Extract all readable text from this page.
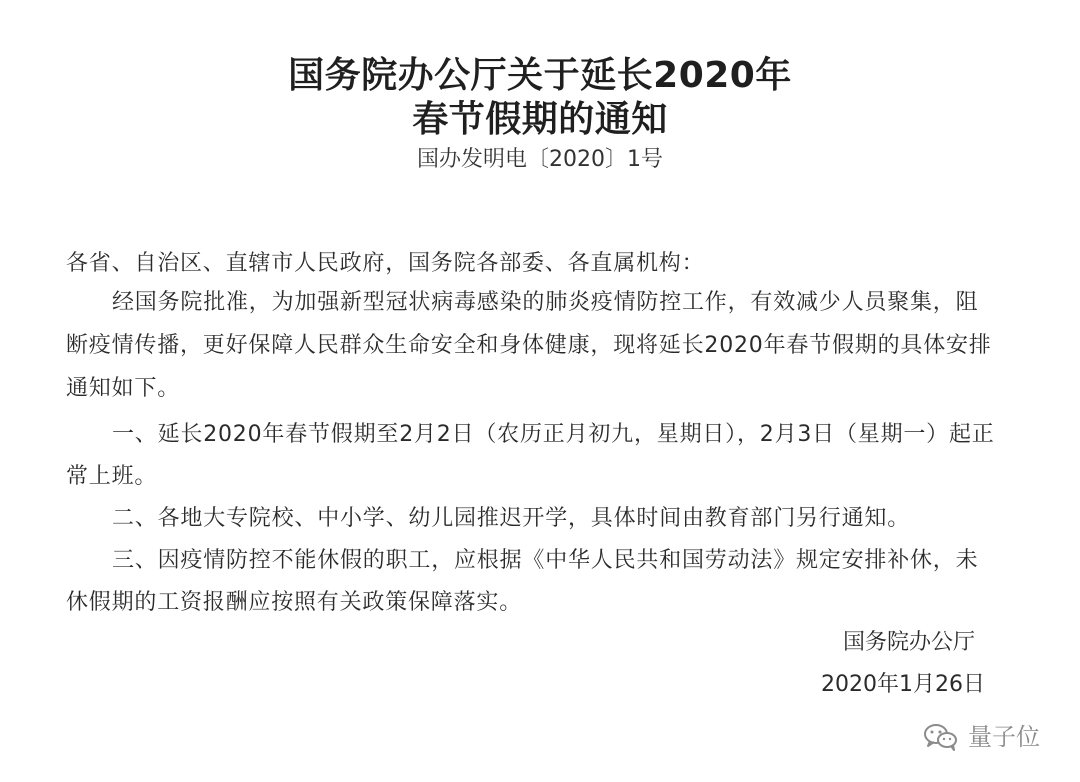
国务院办公厅关于延长2020年
春节假期的通知
国办发明电〔2020〕1号
各省、自治区、直辖市人民政府，国务院各部委、各直属机构：
经国务院批准，为加强新型冠状病毒感染的肺炎疫情防控工作，有效减少人员聚集，阻
断疫情传播，更好保障人民群众生命安全和身体健康，现将延长2020年春节假期的具体安排
通知如下。
一、延长2020年春节假期至2月2日（农历正月初九，星期日），2月3日（星期一）起正
常上班。
二、各地大专院校、中小学、幼儿园推迟开学，具体时间由教育部门另行通知。
三、因疫情防控不能休假的职工，应根据《中华人民共和国劳动法》规定安排补休，未
休假期的工资报酬应按照有关政策保障落实。
国务院办公厅
2020年1月26日
量子位
